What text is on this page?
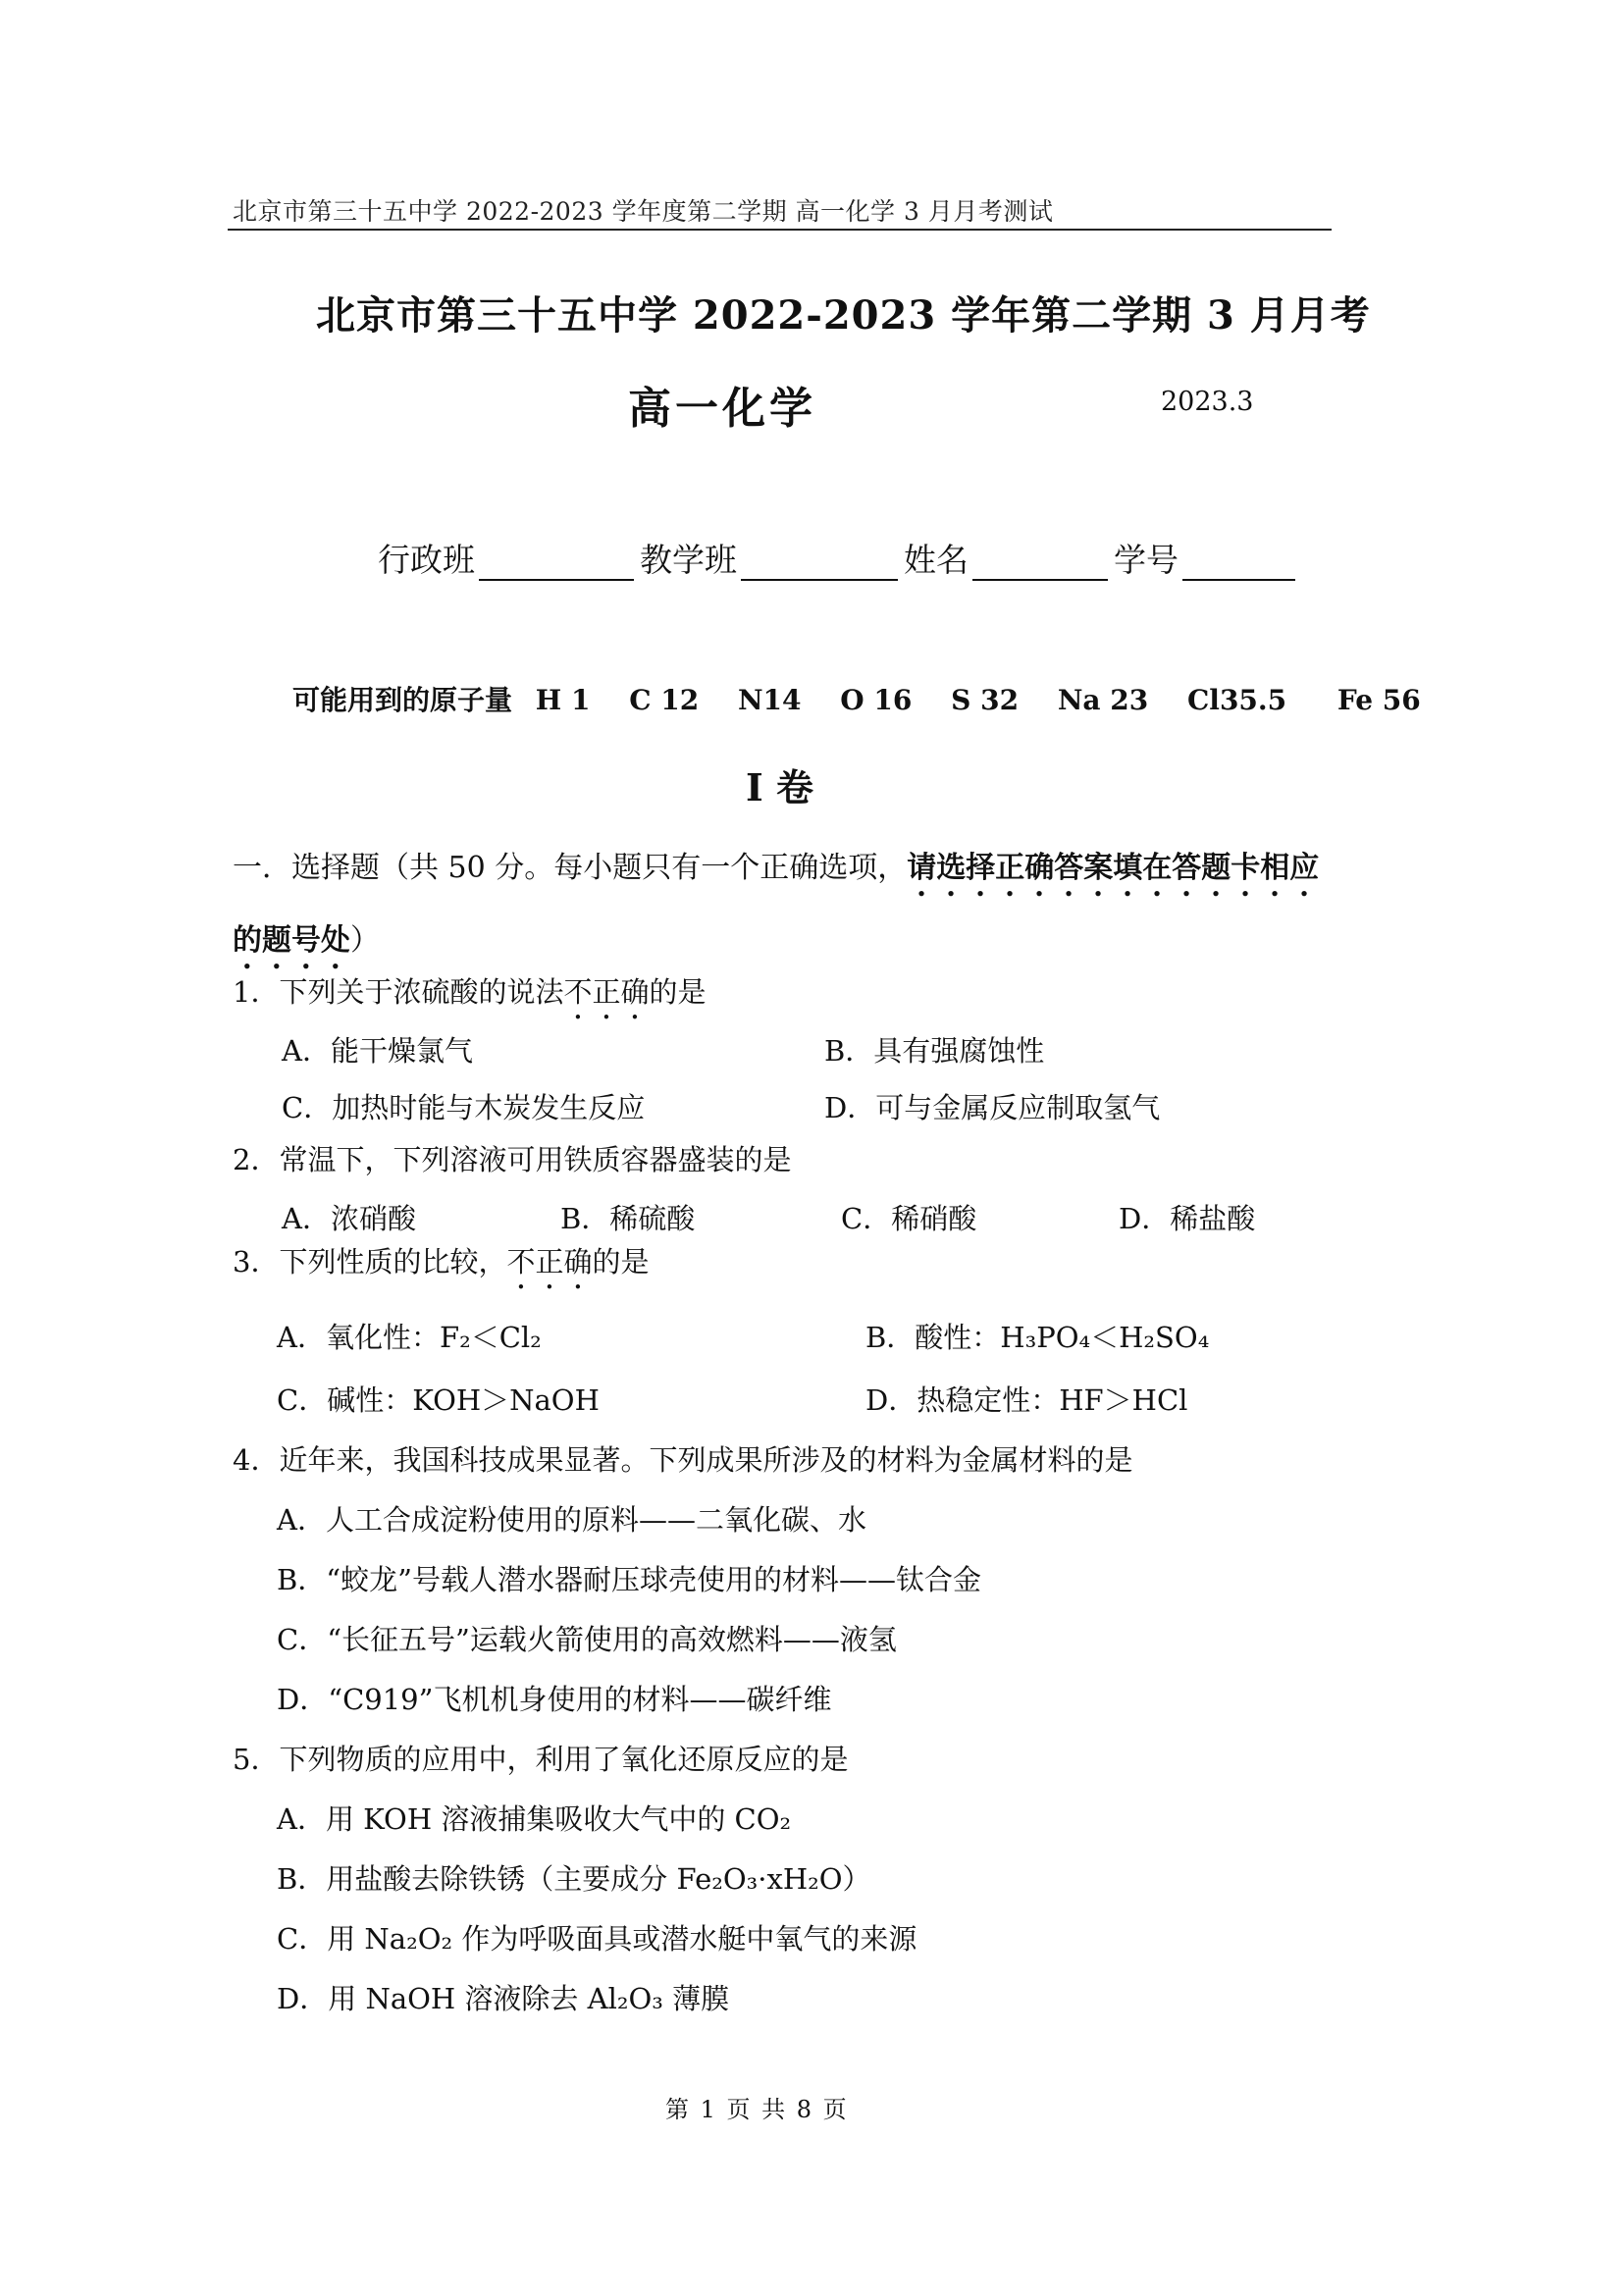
北京市第三十五中学 2022-2023 学年度第二学期 高一化学 3 月月考测试
北京市第三十五中学 2022-2023 学年第二学期 3 月月考
高一化学	2023.3
行政班	教学班	姓名	学号
可能用到的原子量 H 1 C 12 N14 O 16 S 32 Na 23 Cl35.5 Fe 56
I 卷
一．选择题（共 50 分。每小题只有一个正确选项，请选择正确答案填在答题卡相应的题号处）
1．下列关于浓硫酸的说法不正确的是
A．能干燥氯气	B．具有强腐蚀性
C．加热时能与木炭发生反应	D．可与金属反应制取氢气
2．常温下，下列溶液可用铁质容器盛装的是
A．浓硝酸	B．稀硫酸	C．稀硝酸	D．稀盐酸
3．下列性质的比较，不正确的是
A．氧化性：F₂＜Cl₂	B．酸性：H₃PO₄＜H₂SO₄
C．碱性：KOH＞NaOH	D．热稳定性：HF＞HCl
4．近年来，我国科技成果显著。下列成果所涉及的材料为金属材料的是
A．人工合成淀粉使用的原料——二氧化碳、水
B．“蛟龙”号载人潜水器耐压球壳使用的材料——钛合金
C．“长征五号”运载火箭使用的高效燃料——液氢
D．“C919”飞机机身使用的材料——碳纤维
5．下列物质的应用中，利用了氧化还原反应的是
A．用 KOH 溶液捕集吸收大气中的 CO₂
B．用盐酸去除铁锈（主要成分 Fe₂O₃·xH₂O）
C．用 Na₂O₂ 作为呼吸面具或潜水艇中氧气的来源
D．用 NaOH 溶液除去 Al₂O₃ 薄膜
第 1 页 共 8 页
